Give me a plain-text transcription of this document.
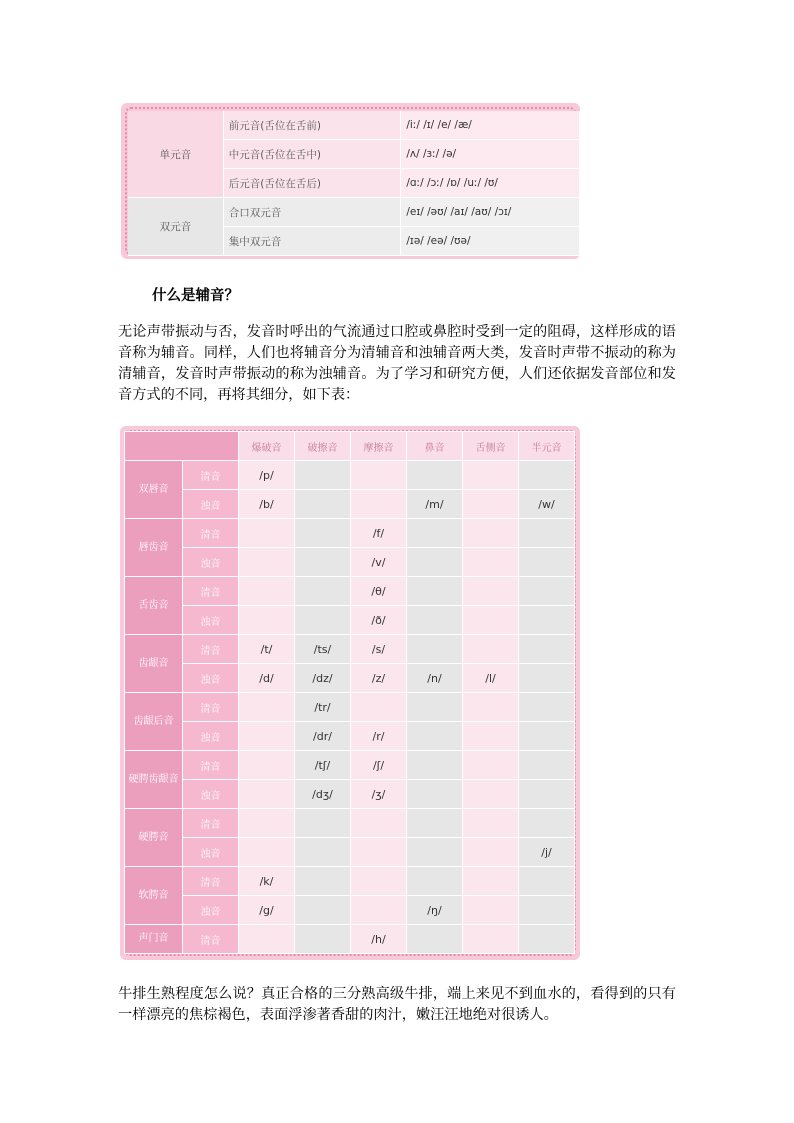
单元音	前元音(舌位在舌前)	/iː/ /ɪ/ /e/ /æ/
	中元音(舌位在舌中)	/ʌ/ /ɜː/ /ə/
	后元音(舌位在舌后)	/ɑː/ /ɔː/ /ɒ/ /uː/ /ʊ/
双元音	合口双元音	/eɪ/ /əʊ/ /aɪ/ /aʊ/ /ɔɪ/
	集中双元音	/ɪə/ /eə/ /ʊə/
什么是辅音？

无论声带振动与否，发音时呼出的气流通过口腔或鼻腔时受到一定的阻碍，这样形成的语音称为辅音。同样，人们也将辅音分为清辅音和浊辅音两大类，发音时声带不振动的称为清辅音，发音时声带振动的称为浊辅音。为了学习和研究方便，人们还依据发音部位和发音方式的不同，再将其细分，如下表：

		爆破音	破擦音	摩擦音	鼻音	舌侧音	半元音
双唇音	清音	/p/					
	浊音	/b/			/m/		/w/
唇齿音	清音			/f/			
	浊音			/v/			
舌齿音	清音			/θ/			
	浊音			/ð/			
齿龈音	清音	/t/	/ts/	/s/			
	浊音	/d/	/dz/	/z/	/n/	/l/	
齿龈后音	清音		/tr/				
	浊音		/dr/	/r/			
硬腭齿龈音	清音		/tʃ/	/ʃ/			
	浊音		/dʒ/	/ʒ/			
硬腭音	清音						
	浊音						/j/
软腭音	清音	/k/					
	浊音	/g/			/ŋ/		
声门音	清音			/h/			

牛排生熟程度怎么说？真正合格的三分熟高级牛排，端上来见不到血水的，看得到的只有一样漂亮的焦棕褐色，表面浮渗著香甜的肉汁，嫩汪汪地绝对很诱人。
